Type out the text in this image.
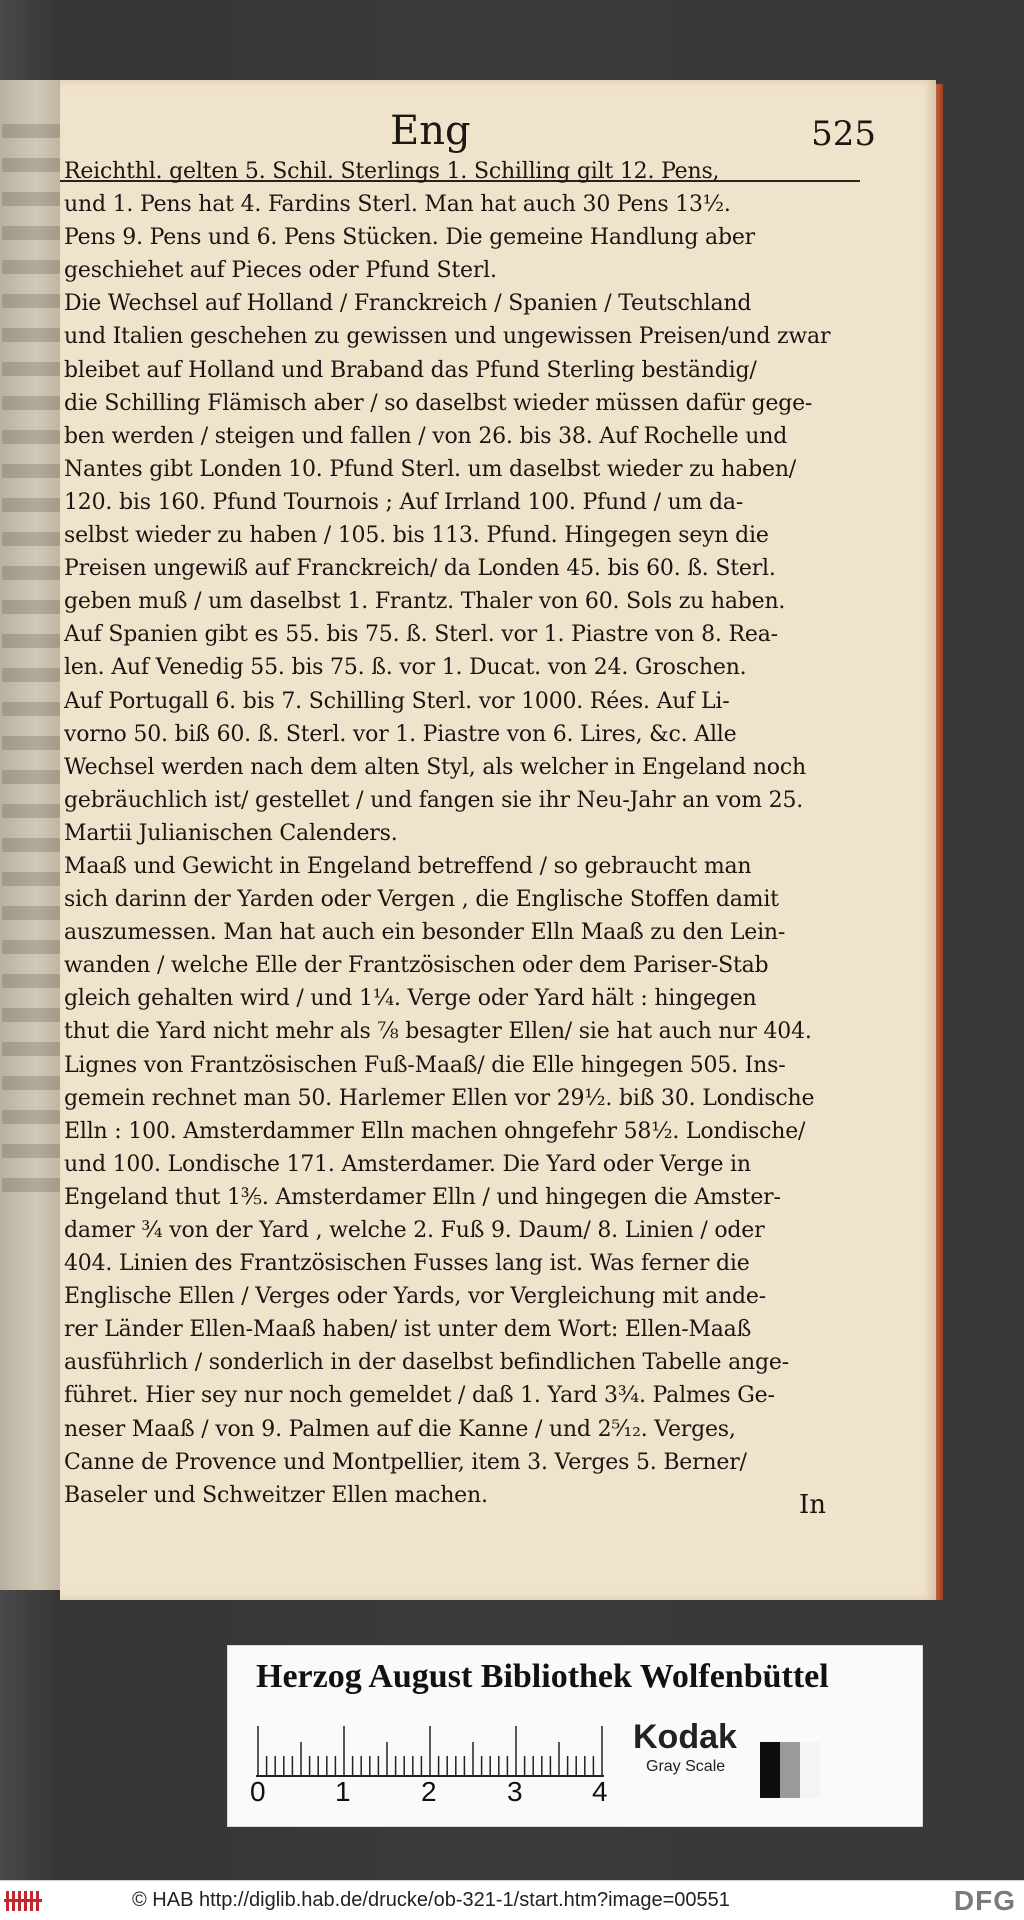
Eng	525
Reichthl. gelten 5. Schil. Sterlings 1. Schilling gilt 12. Pens,
und 1. Pens hat 4. Fardins Sterl. Man hat auch 30 Pens 13½.
Pens 9. Pens und 6. Pens Stücken. Die gemeine Handlung aber
geschiehet auf Pieces oder Pfund Sterl.
Die Wechsel auf Holland / Franckreich / Spanien / Teutschland
und Italien geschehen zu gewissen und ungewissen Preisen/und zwar
bleibet auf Holland und Braband das Pfund Sterling beständig/
die Schilling Flämisch aber / so daselbst wieder müssen dafür gege-
ben werden / steigen und fallen / von 26. bis 38. Auf Rochelle und
Nantes gibt Londen 10. Pfund Sterl. um daselbst wieder zu haben/
120. bis 160. Pfund Tournois ; Auf Irrland 100. Pfund / um da-
selbst wieder zu haben / 105. bis 113. Pfund. Hingegen seyn die
Preisen ungewiß auf Franckreich/ da Londen 45. bis 60. ß. Sterl.
geben muß / um daselbst 1. Frantz. Thaler von 60. Sols zu haben.
Auf Spanien gibt es 55. bis 75. ß. Sterl. vor 1. Piastre von 8. Rea-
len. Auf Venedig 55. bis 75. ß. vor 1. Ducat. von 24. Groschen.
Auf Portugall 6. bis 7. Schilling Sterl. vor 1000. Rées. Auf Li-
vorno 50. biß 60. ß. Sterl. vor 1. Piastre von 6. Lires, &c. Alle
Wechsel werden nach dem alten Styl, als welcher in Engeland noch
gebräuchlich ist/ gestellet / und fangen sie ihr Neu-Jahr an vom 25.
Martii Julianischen Calenders.
Maaß und Gewicht in Engeland betreffend / so gebraucht man
sich darinn der Yarden oder Vergen , die Englische Stoffen damit
auszumessen. Man hat auch ein besonder Elln Maaß zu den Lein-
wanden / welche Elle der Frantzösischen oder dem Pariser-Stab
gleich gehalten wird / und 1¼. Verge oder Yard hält : hingegen
thut die Yard nicht mehr als ⅞ besagter Ellen/ sie hat auch nur 404.
Lignes von Frantzösischen Fuß-Maaß/ die Elle hingegen 505. Ins-
gemein rechnet man 50. Harlemer Ellen vor 29½. biß 30. Londische
Elln : 100. Amsterdammer Elln machen ohngefehr 58½. Londische/
und 100. Londische 171. Amsterdamer. Die Yard oder Verge in
Engeland thut 1⅗. Amsterdamer Elln / und hingegen die Amster-
damer ¾ von der Yard , welche 2. Fuß 9. Daum/ 8. Linien / oder
404. Linien des Frantzösischen Fusses lang ist. Was ferner die
Englische Ellen / Verges oder Yards, vor Vergleichung mit ande-
rer Länder Ellen-Maaß haben/ ist unter dem Wort: Ellen-Maaß
ausführlich / sonderlich in der daselbst befindlichen Tabelle ange-
führet. Hier sey nur noch gemeldet / daß 1. Yard 3¾. Palmes Ge-
neser Maaß / von 9. Palmen auf die Kanne / und 2⁵⁄₁₂. Verges,
Canne de Provence und Montpellier, item 3. Verges 5. Berner/
Baseler und Schweitzer Ellen machen.	In
Herzog August Bibliothek Wolfenbüttel
0 1	2	3 4
Kodak
Gray Scale
© HAB http://diglib.hab.de/drucke/ob-321-1/start.htm?image=00551	DFG
